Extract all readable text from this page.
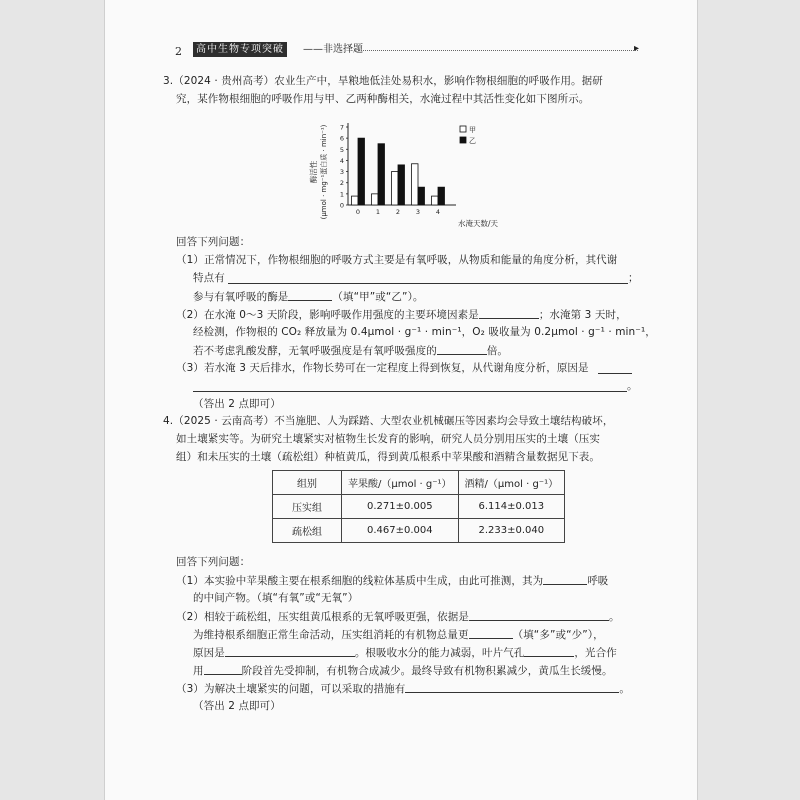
2	高中生物专项突破	——非选择题	▸
3.（2024 · 贵州高考）农业生产中，旱粮地低洼处易积水，影响作物根细胞的呼吸作用。据研
究，某作物根细胞的呼吸作用与甲、乙两种酶相关，水淹过程中其活性变化如下图所示。
0
1
2
3
4
5
6
7
0 1 2 3 4
甲
乙
酶活性 (μmol · mg⁻¹蛋白质 · min⁻¹)
水淹天数/天
回答下列问题：
（1）正常情况下，作物根细胞的呼吸方式主要是有氧呼吸，从物质和能量的角度分析，其代谢
特点有	；
参与有氧呼吸的酶是	（填“甲”或“乙”）。
（2）在水淹 0～3 天阶段，影响呼吸作用强度的主要环境因素是	；水淹第 3 天时，
经检测，作物根的 CO₂ 释放量为 0.4μmol · g⁻¹ · min⁻¹，O₂ 吸收量为 0.2μmol · g⁻¹ · min⁻¹，
若不考虑乳酸发酵，无氧呼吸强度是有氧呼吸强度的	倍。
（3）若水淹 3 天后排水，作物长势可在一定程度上得到恢复，从代谢角度分析，原因是
。
（答出 2 点即可）
4.（2025 · 云南高考）不当施肥、人为踩踏、大型农业机械碾压等因素均会导致土壤结构破坏，
如土壤紧实等。为研究土壤紧实对植物生长发育的影响，研究人员分别用压实的土壤（压实
组）和未压实的土壤（疏松组）种植黄瓜，得到黄瓜根系中苹果酸和酒精含量数据见下表。
组别	苹果酸/（μmol · g⁻¹）	酒精/（μmol · g⁻¹）
压实组	0.271±0.005	6.114±0.013
疏松组	0.467±0.004	2.233±0.040
回答下列问题：
（1）本实验中苹果酸主要在根系细胞的线粒体基质中生成，由此可推测，其为	呼吸
的中间产物。（填“有氧”或“无氧”）
（2）相较于疏松组，压实组黄瓜根系的无氧呼吸更强，依据是	。
为维持根系细胞正常生命活动，压实组消耗的有机物总量更	（填“多”或“少”），
原因是	。根吸收水分的能力减弱，叶片气孔	，光合作
用	阶段首先受抑制，有机物合成减少。最终导致有机物积累减少，黄瓜生长缓慢。
（3）为解决土壤紧实的问题，可以采取的措施有	。
（答出 2 点即可）
